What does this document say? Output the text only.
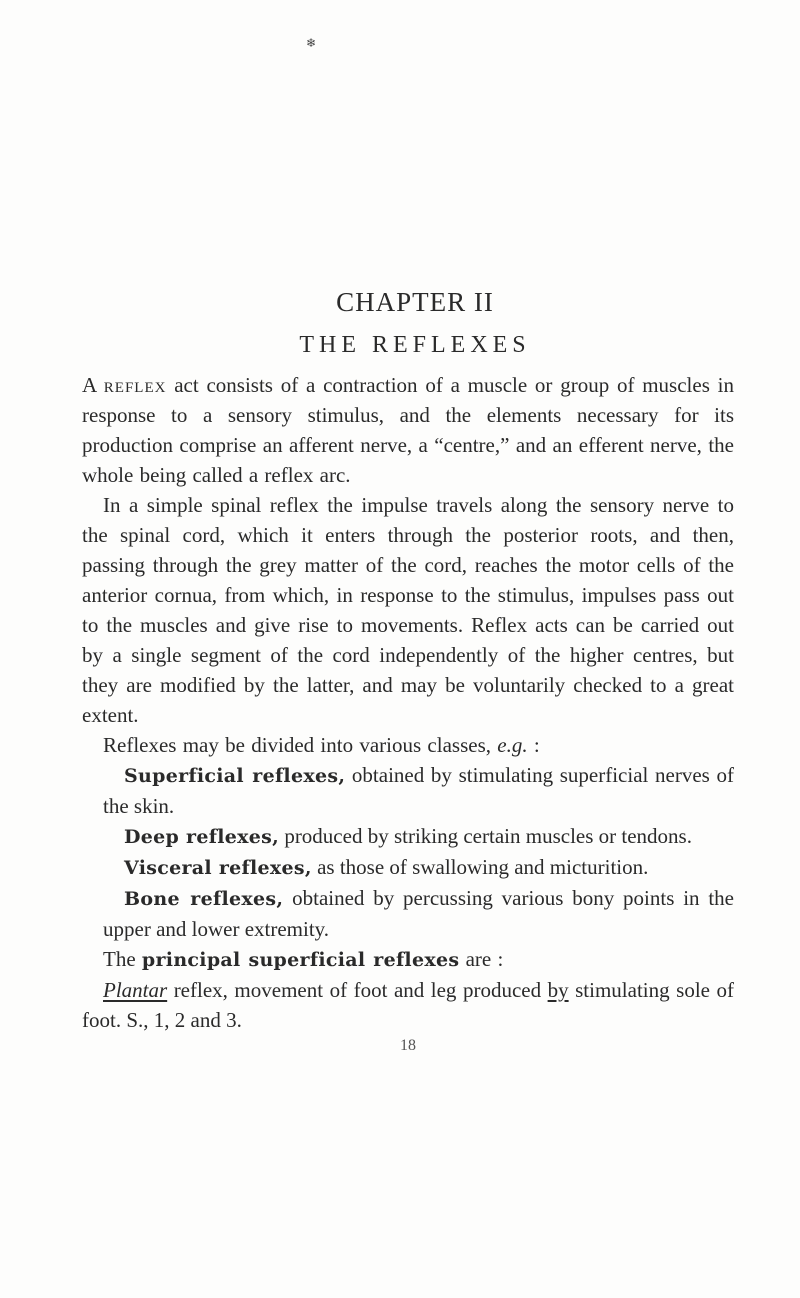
❄
CHAPTER II
THE REFLEXES

A reflex act consists of a contraction of a muscle or group of muscles in response to a sensory stimulus, and the elements necessary for its production comprise an afferent nerve, a “centre,” and an efferent nerve, the whole being called a reflex arc.

In a simple spinal reflex the impulse travels along the sensory nerve to the spinal cord, which it enters through the posterior roots, and then, passing through the grey matter of the cord, reaches the motor cells of the anterior cornua, from which, in response to the stimulus, impulses pass out to the muscles and give rise to movements. Reflex acts can be carried out by a single segment of the cord independently of the higher centres, but they are modified by the latter, and may be voluntarily checked to a great extent.

Reflexes may be divided into various classes, e.g. :

Superficial reflexes, obtained by stimulating superficial nerves of the skin.

Deep reflexes, produced by striking certain muscles or tendons.

Visceral reflexes, as those of swallowing and micturition.

Bone reflexes, obtained by percussing various bony points in the upper and lower extremity.

The principal superficial reflexes are :

Plantar reflex, movement of foot and leg produced by stimulating sole of foot. S., 1, 2 and 3.

18
